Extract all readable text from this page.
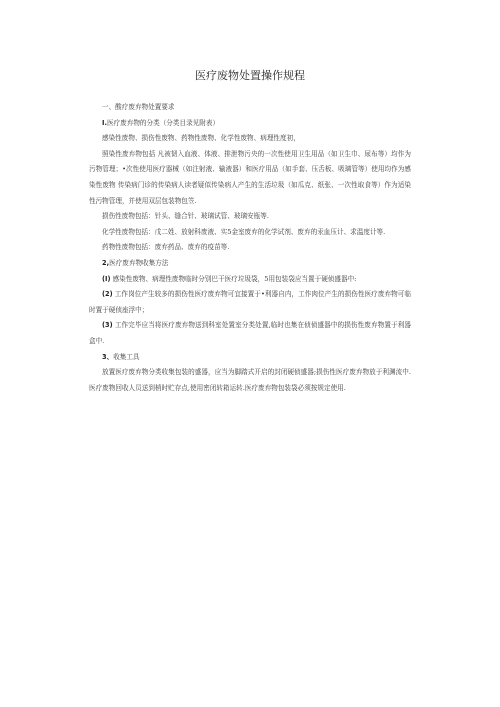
医疗废物处置操作规程

一、酸疗废弃物处置要求

I.医疗废弃物的分类（分类目录见附表）

感染性废物、损伤性废物、药物性废物、化学性废物、病理性度初，

照染性废弃物包括 凡被韧入血液、体液、排泄物污央的一次性使用卫生用品（如卫生巾、尿布等）均作为污物管理；•次性使用医疗器械（如注射液、输液器）和医疗用品（如手套、压舌板、吸璃管等）使用均作为感染性废物 传染病门诊的传染病人读者疑似传染病人产生的生活垃圾（如瓜克、纸张、一次性取食等）作为适染性污物管理，并使用双层包装物包笠.

损伤性废物包括：针头、缝合针、玻璃试管、玻璃安瓶等.

化学性废物包括：戊二姓、放射科废液、实5金室废弃的化学试剂、废弃的汞血压计、求温度计等.

药物性废物包括：废弃药品、废弃的疫苗等.

2,医疗废弃物收集方法

(I) 感染性废物、病理性废物临时分别巴干医疗垃圾袋，5用包装袋应当置于硬侦盛器中:

(2) 工作岗位产生较多的损伤性医疗废弃物可宜接置于•利器自内，工作肉位产生的损伤性医疗废弃物可临时置于硬侦座浮中；

(3) 工作完毕应当将医疗废弃物送到科室处置室分类处置,临时也集在侦侦盛器中的损伤性废弃物置于利器盒中.

3、收集工具

放置医疗废弃物分类收集包装的盛器，应当为脚踏式开启的封闭硬侦盛器;损伤性医疗废弃物放于利渊流中.医疗废物回收人员送到梢时贮存点,使用密闭转箱运转.医疗废弃物包装袋必须按规定使用.
